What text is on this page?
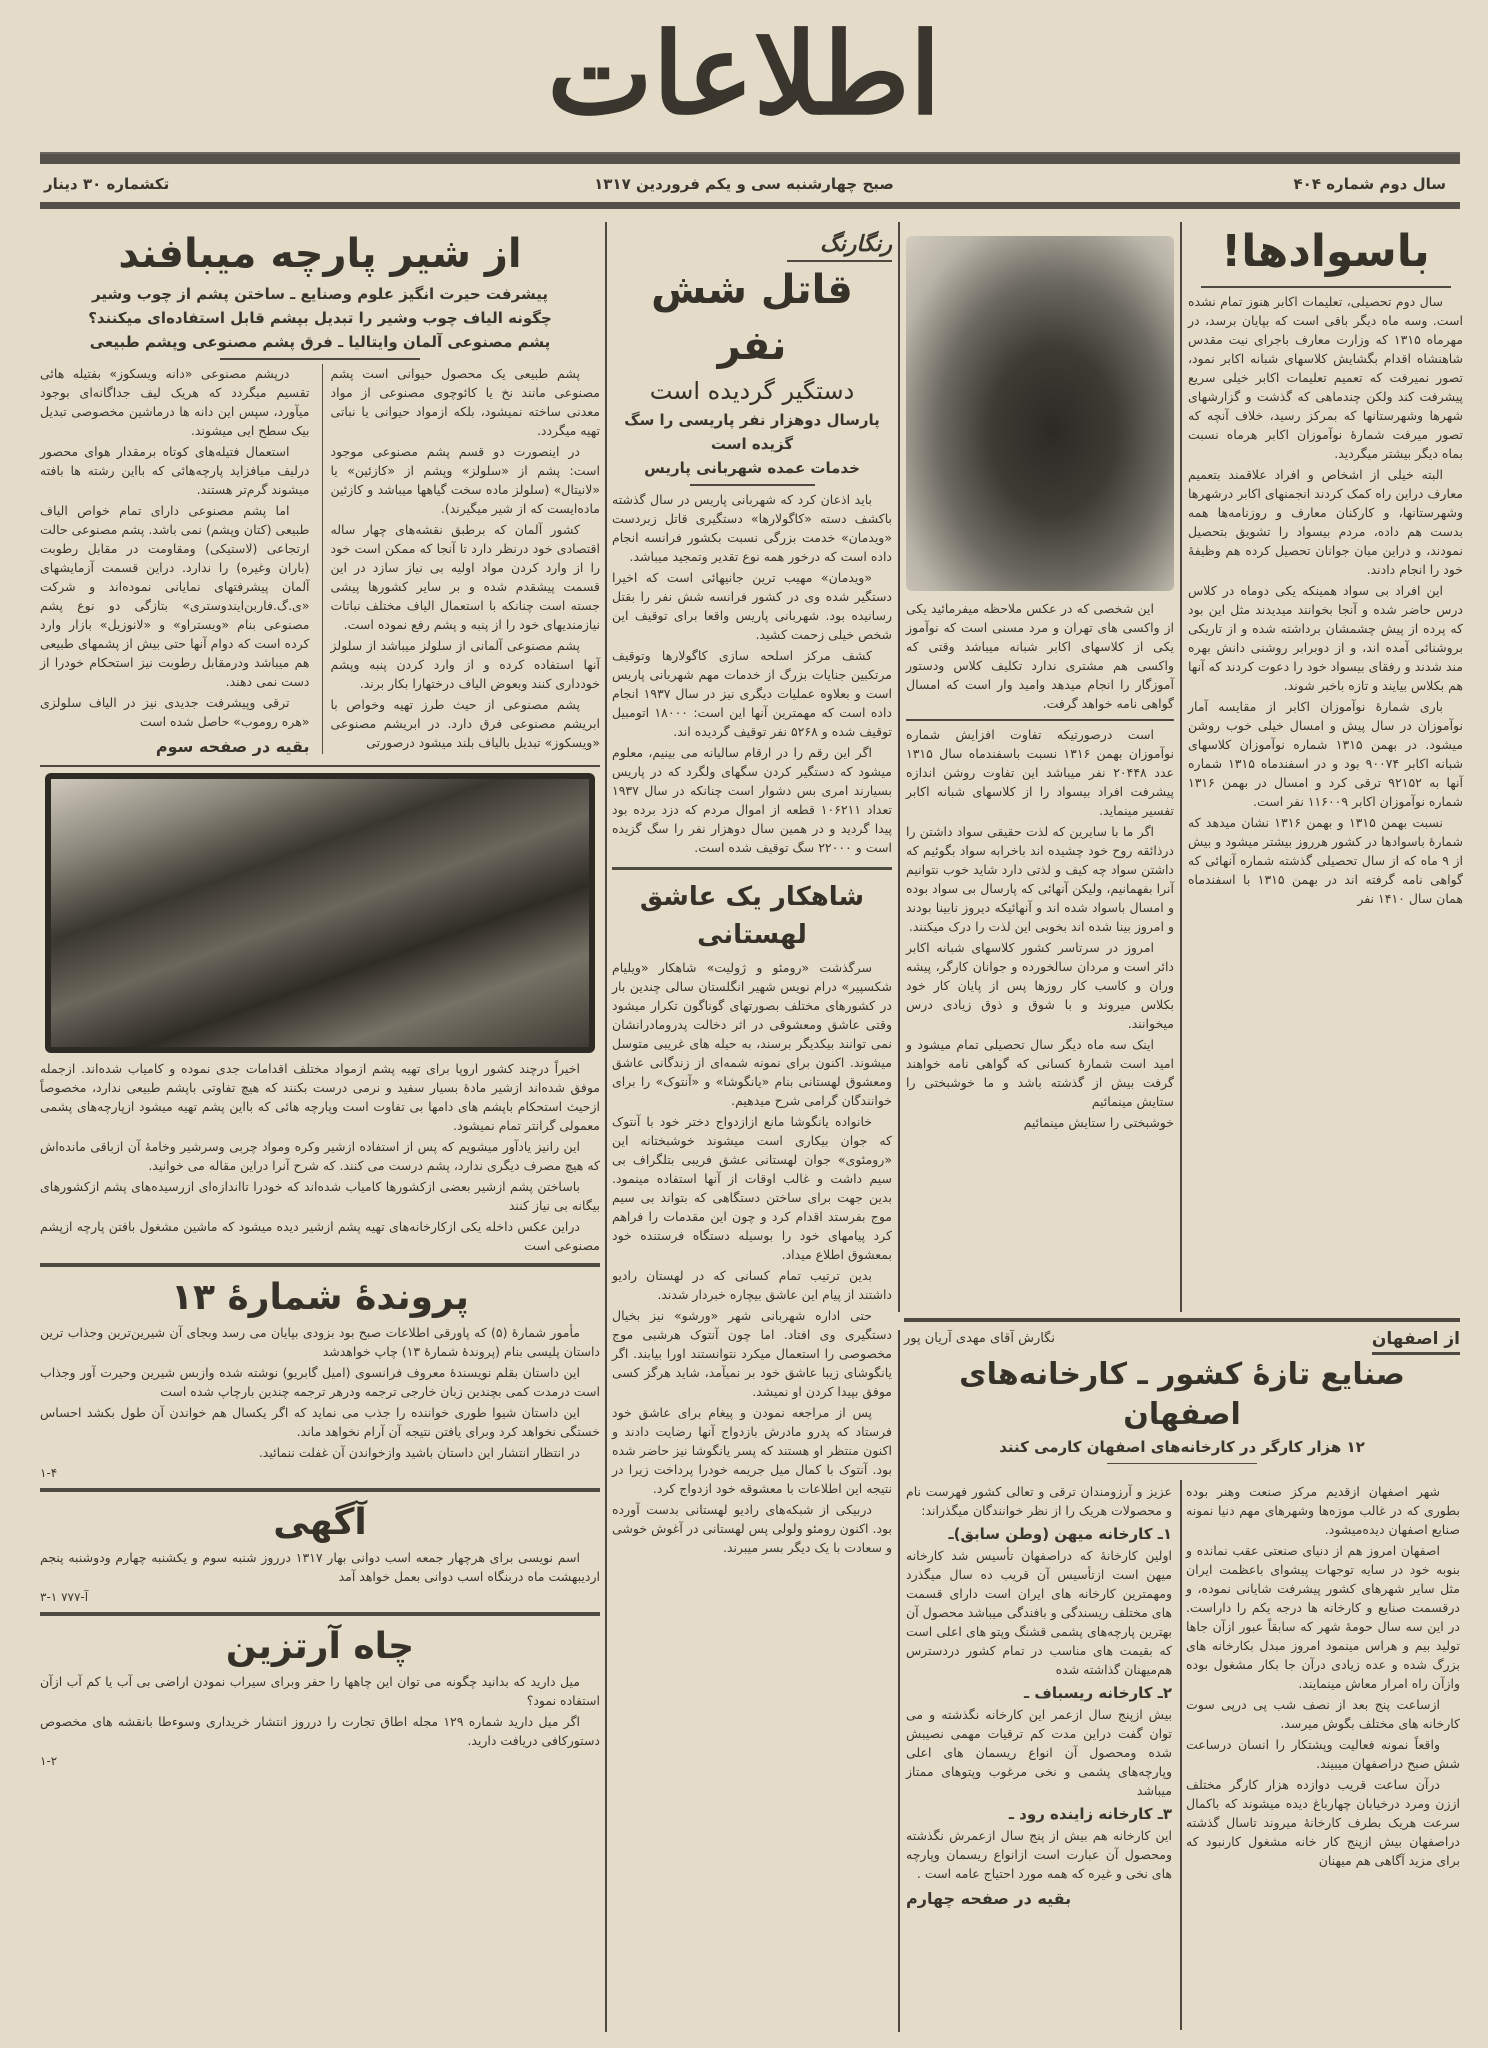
اطلاعات
سال دوم شماره ۴۰۴
صبح چهارشنبه سی و یکم فروردین ۱۳۱۷
تکشماره ۳۰ دینار
باسوادها!

سال دوم تحصیلی، تعلیمات اکابر هنوز تمام نشده است. وسه ماه دیگر باقی است که بپایان برسد، در مهرماه ۱۳۱۵ که وزارت معارف باجرای نیت مقدس شاهنشاه اقدام بگشایش کلاسهای شبانه اکابر نمود، تصور نمیرفت که تعمیم تعلیمات اکابر خیلی سریع پیشرفت کند ولکن چندماهی که گذشت و گزارشهای شهرها وشهرستانها که بمرکز رسید، خلاف آنچه که تصور میرفت شمارهٔ نوآموزان اکابر هرماه نسبت بماه دیگر بیشتر میگردید.

البته خیلی از اشخاص و افراد علاقمند بتعمیم معارف دراین راه کمک کردند انجمنهای اکابر درشهرها وشهرستانها، و کارکنان معارف و روزنامه‌ها همه بدست هم داده، مردم بیسواد را تشویق بتحصیل نمودند، و دراین میان جوانان تحصیل کرده هم وظیفهٔ خود را انجام دادند.

این افراد بی سواد همینکه یکی دوماه در کلاس درس حاضر شده و آنجا بخوانند میدیدند مثل این بود که پرده از پیش چشمشان برداشته شده و از تاریکی بروشنائی آمده اند، و از دوبرابر روشنی دانش بهره مند شدند و رفقای بیسواد خود را دعوت کردند که آنها هم بکلاس بیایند و تازه باخبر شوند.

باری شمارهٔ نوآموزان اکابر از مقایسه آمار نوآموزان در سال پیش و امسال خیلی خوب روشن میشود. در بهمن ۱۳۱۵ شماره نوآموزان کلاسهای شبانه اکابر ۹۰۰۷۴ بود و در اسفندماه ۱۳۱۵ شماره آنها به ۹۲۱۵۲ ترقی کرد و امسال در بهمن ۱۳۱۶ شماره نوآموزان اکابر ۱۱۶۰۰۹ نفر است.

نسبت بهمن ۱۳۱۵ و بهمن ۱۳۱۶ نشان میدهد که شمارهٔ باسوادها در کشور هرروز بیشتر میشود و بیش از ۹ ماه که از سال تحصیلی گذشته شماره آنهائی که گواهی نامه گرفته اند در بهمن ۱۳۱۵ با اسفندماه همان سال ۱۴۱۰ نفر

این شخصی که در عکس ملاحظه میفرمائید یکی از واکسی های تهران و مرد مسنی است که نوآموز یکی از کلاسهای اکابر شبانه میباشد وقتی که واکسی هم مشتری ندارد تکلیف کلاس ودستور آموزگار را انجام میدهد وامید وار است که امسال گواهی نامه خواهد گرفت.

است درصورتیکه تفاوت افزایش شماره نوآموزان بهمن ۱۳۱۶ نسبت باسفندماه سال ۱۳۱۵ عدد ۲۰۴۴۸ نفر میباشد این تفاوت روشن اندازه پیشرفت افراد بیسواد را از کلاسهای شبانه اکابر تفسیر مینماید.

اگر ما با سایرین که لذت حقیقی سواد داشتن را درذائقه روح خود چشیده اند باخرابه سواد بگوئیم که داشتن سواد چه کیف و لذتی دارد شاید خوب نتوانیم آنرا بفهمانیم، ولیکن آنهائی که پارسال بی سواد بوده و امسال باسواد شده اند و آنهائیکه دیروز نابینا بودند و امروز بینا شده اند بخوبی این لذت را درک میکنند.

امروز در سرتاسر کشور کلاسهای شبانه اکابر دائر است و مردان سالخورده و جوانان کارگر، پیشه وران و کاسب کار روزها پس از پایان کار خود بکلاس میروند و با شوق و ذوق زیادی درس میخوانند.

اینک سه ماه دیگر سال تحصیلی تمام میشود و امید است شمارهٔ کسانی که گواهی نامه خواهند گرفت بیش از گذشته باشد و ما خوشبختی را ستایش مینمائیم

خوشبختی را ستایش مینمائیم
رنگارنگ
قاتل شش نفر
دستگیر گردیده است
پارسال دوهزار نفر پاریسی را سگ گزیده است
خدمات عمده شهربانی پاریس

باید اذعان کرد که شهربانی پاریس در سال گذشته باکشف دسته «کاگولارها» دستگیری قاتل زبردست «ویدمان» خدمت بزرگی نسبت بکشور فرانسه انجام داده است که درخور همه نوع تقدیر وتمجید میباشد.

«ویدمان» مهیب ترین جانیهائی است که اخیرا دستگیر شده وی در کشور فرانسه شش نفر را بقتل رسانیده بود. شهربانی پاریس واقعا برای توقیف این شخص خیلی زحمت کشید.

کشف مرکز اسلحه سازی کاگولارها وتوقیف مرتکبین جنایات بزرگ از خدمات مهم شهربانی پاریس است و بعلاوه عملیات دیگری نیز در سال ۱۹۳۷ انجام داده است که مهمترین آنها این است: ۱۸۰۰۰ اتومبیل توقیف شده و ۵۲۶۸ نفر توقیف گردیده اند.

اگر این رقم را در ارقام سالیانه می بینیم، معلوم میشود که دستگیر کردن سگهای ولگرد که در پاریس بسیارند امری بس دشوار است چنانکه در سال ۱۹۳۷ تعداد ۱۰۶۲۱۱ قطعه از اموال مردم که دزد برده بود پیدا گردید و در همین سال دوهزار نفر را سگ گزیده است و ۲۲۰۰۰ سگ توقیف شده است.

شاهکار یک عاشق لهستانی

سرگذشت «رومئو و ژولیت» شاهکار «ویلیام شکسپیر» درام نویس شهیر انگلستان سالی چندین بار در کشورهای مختلف بصورتهای گوناگون تکرار میشود وقتی عاشق ومعشوقی در اثر دخالت پدرومادرانشان نمی توانند بیکدیگر برسند، به حیله های غریبی متوسل میشوند. اکنون برای نمونه شمه‌ای از زندگانی عاشق ومعشوق لهستانی بنام «یانگوشا» و «آنتوک» را برای خوانندگان گرامی شرح میدهیم.

خانواده یانگوشا مانع ازازدواج دختر خود با آنتوک که جوان بیکاری است میشوند خوشبختانه این «رومئوی» جوان لهستانی عشق فریبی بتلگراف بی سیم داشت و غالب اوقات از آنها استفاده مینمود. بدین جهت برای ساختن دستگاهی که بتواند بی سیم موج بفرستد اقدام کرد و چون این مقدمات را فراهم کرد پیامهای خود را بوسیله دستگاه فرستنده خود بمعشوق اطلاع میداد.

بدین ترتیب تمام کسانی که در لهستان رادیو داشتند از پیام این عاشق بیچاره خبردار شدند.

حتی اداره شهربانی شهر «ورشو» نیز بخیال دستگیری وی افتاد. اما چون آنتوک هرشبی موج مخصوصی را استعمال میکرد نتوانستند اورا بیابند. اگر یانگوشای زیبا عاشق خود بر نمیآمد، شاید هرگز کسی موفق بپیدا کردن او نمیشد.

پس از مراجعه نمودن و پیغام برای عاشق خود فرستاد که پدرو مادرش بازدواج آنها رضایت دادند و اکنون منتظر او هستند که پسر یانگوشا نیز حاضر شده بود. آنتوک با کمال میل جریمه خودرا پرداخت زیرا در نتیجه این اطلاعات با معشوقه خود ازدواج کرد.

دربیکی از شبکه‌های رادیو لهستانی بدست آورده بود. اکنون رومئو ولولی پس لهستانی در آغوش خوشی و سعادت با یک دیگر بسر میبرند.

از شیر پارچه میبافند
پیشرفت حیرت انگیز علوم وصنایع ـ ساختن پشم از چوب وشیر
چگونه الیاف چوب وشیر را تبدیل بپشم قابل استفاده‌ای میکنند؟
پشم مصنوعی آلمان وایتالیا ـ فرق پشم مصنوعی وپشم طبیعی

پشم طبیعی یک محصول حیوانی است پشم مصنوعی مانند نخ یا کائوچوی مصنوعی از مواد معدنی ساخته نمیشود، بلکه ازمواد حیوانی یا نباتی تهیه میگردد.

در اینصورت دو قسم پشم مصنوعی موجود است: پشم از «سلولز» وپشم از «کازئین» یا «لانیتال» (سلولز ماده سخت گیاهها میباشد و کازئین ماده‌ایست که از شیر میگیرند).

کشور آلمان که برطبق نقشه‌های چهار ساله اقتصادی خود درنظر دارد تا آنجا که ممکن است خود را از وارد کردن مواد اولیه بی نیاز سازد در این قسمت پیشقدم شده و بر سایر کشورها پیشی جسته است چنانکه با استعمال الیاف مختلف نباتات نیازمندیهای خود را از پنبه و پشم رفع نموده است.

پشم مصنوعی آلمانی از سلولز میباشد از سلولز آنها استفاده کرده و از وارد کردن پنبه وپشم خودداری کنند وبعوض الیاف درختهارا بکار برند.

پشم مصنوعی از حیث طرز تهیه وخواص با ابریشم مصنوعی فرق دارد. در ابریشم مصنوعی «ویسکوز» تبدیل بالیاف بلند میشود درصورتی

درپشم مصنوعی «دانه ویسکوز» بفتیله هائی تقسیم میگردد که هریک لیف جداگانه‌ای بوجود میآورد، سپس این دانه ها درماشین مخصوصی تبدیل بیک سطح ایی میشوند.

استعمال فتیله‌های کوتاه برمقدار هوای محصور درلیف میافزاید پارچه‌هائی که بااین رشته ها بافته میشوند گرم‌تر هستند.

اما پشم مصنوعی دارای تمام خواص الیاف طبیعی (کتان وپشم) نمی باشد. پشم مصنوعی حالت ارتجاعی (لاستیکی) ومقاومت در مقابل رطوبت (باران وغیره) را ندارد. دراین قسمت آزمایشهای آلمان پیشرفتهای نمایانی نموده‌اند و شرکت «ی.گ.فاربن‌ایندوستری» بتازگی دو نوع پشم مصنوعی بنام «ویستراو» و «لانوزیل» بازار وارد کرده است که دوام آنها حتی بیش از پشمهای طبیعی هم میباشد ودرمقابل رطوبت نیز استحکام خودرا از دست نمی دهند.

ترقی وپیشرفت جدیدی نیز در الیاف سلولزی «هره روموب» حاصل شده است

بقیه در صفحه سوم

اخیراً درچند کشور اروپا برای تهیه پشم ازمواد مختلف اقدامات جدی نموده و کامیاب شده‌اند. ازجمله موفق شده‌اند ازشیر ماده‌ٔ بسیار سفید و نرمی درست بکنند که هیچ تفاوتی باپشم طبیعی ندارد، مخصوصاً ازحیث استحکام باپشم های دامها بی تفاوت است وپارچه هائی که بااین پشم تهیه میشود ازپارچه‌های پشمی معمولی گرانتر تمام نمیشود.

این رانیز یادآور میشویم که پس از استفاده ازشیر وکره ومواد چربی وسرشیر وخامهٔ آن ازباقی مانده‌اش که هیچ مصرف دیگری ندارد، پشم درست می کنند. که شرح آنرا دراین مقاله می خوانید.

باساختن پشم ازشیر بعضی ازکشورها کامیاب شده‌اند که خودرا تااندازه‌ای ازرسیده‌های پشم ازکشورهای بیگانه بی نیاز کنند

دراین عکس داخله یکی ازکارخانه‌های تهیه پشم ازشیر دیده میشود که ماشین مشغول بافتن پارچه ازپشم مصنوعی است

پروندهٔ شمارهٔ ۱۳

مأمور شمارهٔ (۵) که پاورقی اطلاعات صبح بود بزودی بپایان می رسد وبجای آن شیرین‌ترین وجذاب ترین داستان پلیسی بنام (پروندهٔ شمارهٔ ۱۳) چاپ خواهدشد

این داستان بقلم نویسندهٔ معروف فرانسوی (امیل گابریو) نوشته شده وازبس شیرین وحیرت آور وجذاب است درمدت کمی بچندین زبان خارجی ترجمه ودرهر ترجمه چندین بارچاپ شده است

این داستان شیوا طوری خواننده را جذب می نماید که اگر یکسال هم خواندن آن طول بکشد احساس خستگی نخواهد کرد وبرای یافتن نتیجه آن آرام نخواهد ماند.

در انتظار انتشار این داستان باشید وازخواندن آن غفلت ننمائید.

۱-۴
آگهی

اسم نویسی برای هرچهار جمعه اسب دوانی بهار ۱۳۱۷ درروز شنبه سوم و یکشنبه چهارم ودوشنبه پنجم اردیبهشت ماه دربنگاه اسب دوانی بعمل خواهد آمد

آ-۷۷۷ ۱-۳
چاه آرتزین

میل دارید که بدانید چگونه می توان این چاهها را حفر وبرای سیراب نمودن اراضی بی آب یا کم آب ازآن استفاده نمود؟

اگر میل دارید شماره ۱۲۹ مجله اطاق تجارت را درروز انتشار خریداری وسوءطا بانقشه های مخصوص دستورکافی دریافت دارید.

۱-۲
از اصفهان
نگارش آقای مهدی آریان پور
صنایع تازهٔ کشور ـ کارخانه‌های اصفهان
۱۲ هزار کارگر در کارخانه‌های اصفهان کارمی کنند

شهر اصفهان ازقدیم مرکز صنعت وهنر بوده بطوری که در غالب موزه‌ها وشهرهای مهم دنیا نمونه صنایع اصفهان دیده‌میشود.

اصفهان امروز هم از دنیای صنعتی عقب نمانده و بنوبه خود در سایه توجهات پیشوای باعظمت ایران مثل سایر شهرهای کشور پیشرفت شایانی نموده، و درقسمت صنایع و کارخانه ها درجه یکم را داراست. در این سه سال حومهٔ شهر که سابقاً عبور ازآن جاها تولید بیم و هراس مینمود امروز مبدل بکارخانه های بزرگ شده و عده زیادی درآن جا بکار مشغول بوده وازآن راه امرار معاش مینمایند.

ازساعت پنج بعد از نصف شب پی درپی سوت کارخانه های مختلف بگوش میرسد.

واقعاً نمونه فعالیت وپشتکار را انسان درساعت شش صبح دراصفهان میبیند.

درآن ساعت قریب دوازده هزار کارگر مختلف اززن ومرد درخیابان چهارباغ دیده میشوند که باکمال سرعت هریک بطرف کارخانهٔ میروند تاسال گذشته دراصفهان بیش ازپنج کار خانه مشغول کارنبود که برای مزید آگاهی هم میهنان

عزیز و آرزومندان ترقی و تعالی کشور فهرست نام و محصولات هریک را از نظر خوانندگان میگذراند:

۱ـ کارخانه میهن (وطن سابق)ـ

اولین کارخانهٔ که دراصفهان تأسیس شد کارخانه میهن است ازتأسیس آن قریب ده سال میگذرد ومهمترین کارخانه های ایران است دارای قسمت های مختلف ریسندگی و بافندگی میباشد محصول آن بهترین پارچه‌های پشمی قشنگ وپتو های اعلی است که بقیمت های مناسب در تمام کشور دردسترس هم‌میهنان گذاشته شده

۲ـ کارخانه ریسباف ـ

بیش ازپنج سال ازعمر این کارخانه نگذشته و می توان گفت دراین مدت کم ترقیات مهمی نصیبش شده ومحصول آن انواع ریسمان های اعلی وپارچه‌های پشمی و نخی مرغوب وپتوهای ممتاز میباشد

۳ـ کارخانه زاینده رود ـ

این کارخانه هم بیش از پنج سال ازعمرش نگذشته ومحصول آن عبارت است ازانواع ریسمان وپارچه های نخی و غیره که همه مورد احتیاج عامه است .

بقیه در صفحه چهارم
